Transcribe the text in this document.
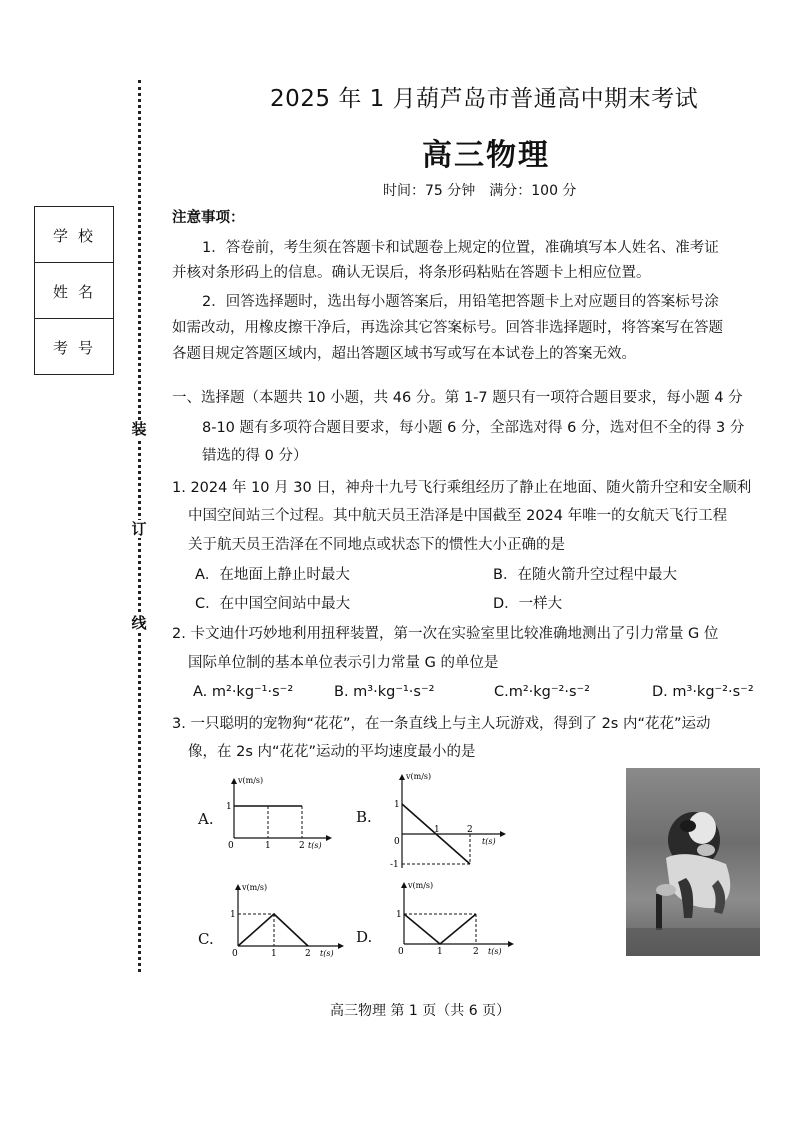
装
订
线
学校

姓名

考号
2025 年 1 月葫芦岛市普通高中期末考试
高三物理
时间：75 分钟　满分：100 分
注意事项：
1．答卷前，考生须在答题卡和试题卷上规定的位置，准确填写本人姓名、准考证
并核对条形码上的信息。确认无误后，将条形码粘贴在答题卡上相应位置。
2．回答选择题时，选出每小题答案后，用铅笔把答题卡上对应题目的答案标号涂
如需改动，用橡皮擦干净后，再选涂其它答案标号。回答非选择题时，将答案写在答题
各题目规定答题区域内，超出答题区域书写或写在本试卷上的答案无效。
一、选择题（本题共 10 小题，共 46 分。第 1-7 题只有一项符合题目要求，每小题 4 分
8-10 题有多项符合题目要求，每小题 6 分，全部选对得 6 分，选对但不全的得 3 分
错选的得 0 分）
1. 2024 年 10 月 30 日，神舟十九号飞行乘组经历了静止在地面、随火箭升空和安全顺利
中国空间站三个过程。其中航天员王浩泽是中国截至 2024 年唯一的女航天飞行工程
关于航天员王浩泽在不同地点或状态下的惯性大小正确的是
A．在地面上静止时最大	B．在随火箭升空过程中最大
C．在中国空间站中最大	D．一样大
2. 卡文迪什巧妙地利用扭秤装置，第一次在实验室里比较准确地测出了引力常量 G 位
国际单位制的基本单位表示引力常量 G 的单位是
A. m²·kg⁻¹·s⁻²	B. m³·kg⁻¹·s⁻²	C.m²·kg⁻²·s⁻²	D. m³·kg⁻²·s⁻²
3. 一只聪明的宠物狗“花花”，在一条直线上与主人玩游戏，得到了 2s 内“花花”运动
像，在 2s 内“花花”运动的平均速度最小的是
A.
v(m/s)
1
0	1	2 t(s)
B.
v(m/s)
1
-1
0
1	2
t(s)
C.
v(m/s)
1
0	1	2 t(s)
D.
v(m/s)
1
0	1	2 t(s)
高三物理 第 1 页（共 6 页）
